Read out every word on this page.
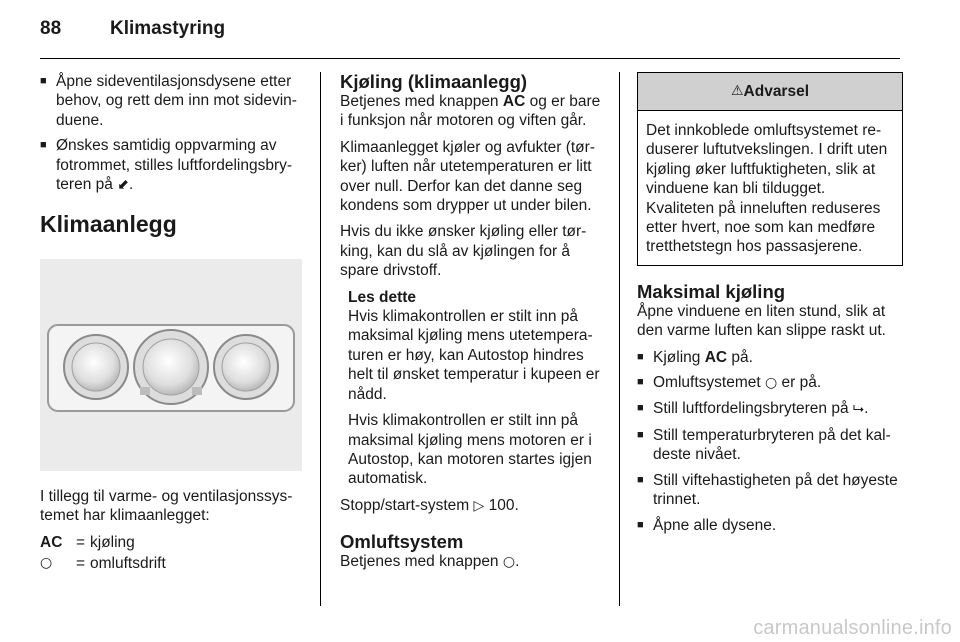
88	Klimastyring
■ Åpne sideventilasjonsdysene etter behov, og rett dem inn mot sidevinduene.
■ Ønskes samtidig oppvarming av fotrommet, stilles luftfordelingsbryteren på ⬋.
Klimaanlegg

I tillegg til varme- og ventilasjonssystemet har klimaanlegget:

AC = kjøling
○	= omluftsdrift
Kjøling (klimaanlegg)

Betjenes med knappen AC og er bare i funksjon når motoren og viften går.

Klimaanlegget kjøler og avfukter (tørker) luften når utetemperaturen er litt over null. Derfor kan det danne seg kondens som drypper ut under bilen.

Hvis du ikke ønsker kjøling eller tørking, kan du slå av kjølingen for å spare drivstoff.

Les dette

Hvis klimakontrollen er stilt inn på maksimal kjøling mens utetemperaturen er høy, kan Autostop hindres helt til ønsket temperatur i kupeen er nådd.

Hvis klimakontrollen er stilt inn på maksimal kjøling mens motoren er i Autostop, kan motoren startes igjen automatisk.

Stopp/start-system ▷ 100.

Omluftsystem

Betjenes med knappen ○.

⚠ Advarsel
Det innkoblede omluftsystemet reduserer luftutvekslingen. I drift uten kjøling øker luftfuktigheten, slik at vinduene kan bli tildugget. Kvaliteten på inneluften reduseres etter hvert, noe som kan medføre tretthetstegn hos passasjerene.
Maksimal kjøling

Åpne vinduene en liten stund, slik at den varme luften kan slippe raskt ut.

■ Kjøling AC på.
■ Omluftsystemet ○ er på.
■ Still luftfordelingsbryteren på ⮡.
■ Still temperaturbryteren på det kaldeste nivået.
■ Still viftehastigheten på det høyeste trinnet.
■ Åpne alle dysene.
carmanualsonline.info
